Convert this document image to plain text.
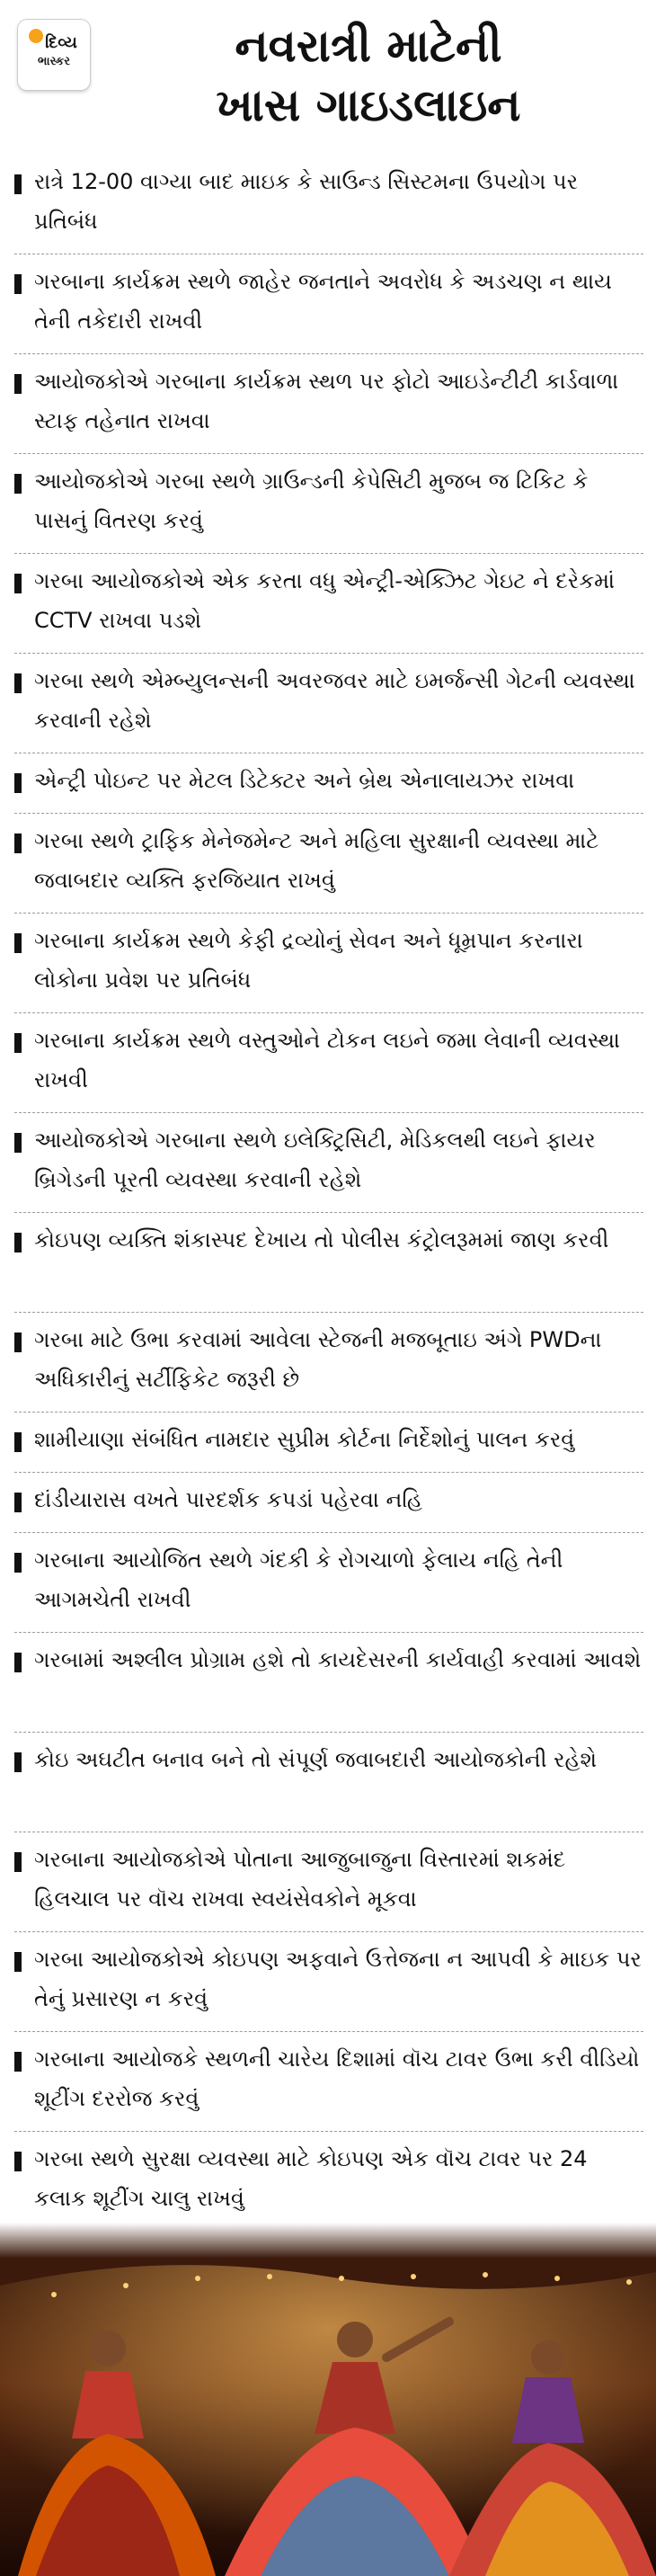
દિવ્ય
ભાસ્કર	નવરાત્રી માટેની
ખાસ ગાઇડલાઇન
રાત્રે 12-00 વાગ્યા બાદ માઇક કે સાઉન્ડ સિસ્ટમના ઉપયોગ પર પ્રતિબંધ
ગરબાના કાર્યક્રમ સ્થળે જાહેર જનતાને અવરોધ કે અડચણ ન થાય તેની તકેદારી રાખવી
આયોજકોએ ગરબાના કાર્યક્રમ સ્થળ પર ફોટો આઇડેન્ટીટી કાર્ડવાળા સ્ટાફ તહેનાત રાખવા
આયોજકોએ ગરબા સ્થળે ગ્રાઉન્ડની કેપેસિટી મુજબ જ ટિકિટ કે પાસનું વિતરણ કરવું
ગરબા આયોજકોએ એક કરતા વધુ એન્ટ્રી-એક્ઝિટ ગેઇટ ને દરેકમાં CCTV રાખવા પડશે
ગરબા સ્થળે એમ્બ્યુલન્સની અવરજવર માટે ઇમર્જન્સી ગેટની વ્યવસ્થા કરવાની રહેશે
એન્ટ્રી પોઇન્ટ પર મેટલ ડિટેક્ટર અને બ્રેથ એનાલાયઝર રાખવા
ગરબા સ્થળે ટ્રાફિક મેનેજમેન્ટ અને મહિલા સુરક્ષાની વ્યવસ્થા માટે જવાબદાર વ્યક્તિ ફરજિયાત રાખવું
ગરબાના કાર્યક્રમ સ્થળે કેફી દ્રવ્યોનું સેવન અને ધૂમ્રપાન કરનારા લોકોના પ્રવેશ પર પ્રતિબંધ
ગરબાના કાર્યક્રમ સ્થળે વસ્તુઓને ટોકન લઇને જમા લેવાની વ્યવસ્થા રાખવી
આયોજકોએ ગરબાના સ્થળે ઇલેક્ટ્રિસિટી, મેડિકલથી લઇને ફાયર બ્રિગેડની પૂરતી વ્યવસ્થા કરવાની રહેશે
કોઇપણ વ્યક્તિ શંકાસ્પદ દેખાય તો પોલીસ કંટ્રોલરૂમમાં જાણ કરવી
ગરબા માટે ઉભા કરવામાં આવેલા સ્ટેજની મજબૂતાઇ અંગે PWDના અધિકારીનું સર્ટીફિકેટ જરૂરી છે
શામીયાણા સંબંધિત નામદાર સુપ્રીમ કોર્ટના નિર્દેશોનું પાલન કરવું
દાંડીયારાસ વખતે પારદર્શક કપડાં પહેરવા નહિ
ગરબાના આયોજિત સ્થળે ગંદકી કે રોગચાળો ફેલાય નહિ તેની આગમચેતી રાખવી
ગરબામાં અશ્લીલ પ્રોગ્રામ હશે તો કાયદેસરની કાર્યવાહી કરવામાં આવશે
કોઇ અઘટીત બનાવ બને તો સંપૂર્ણ જવાબદારી આયોજકોની રહેશે
ગરબાના આયોજકોએ પોતાના આજુબાજુના વિસ્તારમાં શકમંદ હિલચાલ પર વૉચ રાખવા સ્વયંસેવકોને મૂકવા
ગરબા આયોજકોએ કોઇપણ અફવાને ઉત્તેજના ન આપવી કે માઇક પર તેનું પ્રસારણ ન કરવું
ગરબાના આયોજકે સ્થળની ચારેય દિશામાં વૉચ ટાવર ઉભા કરી વીડિયો શૂટીંગ દરરોજ કરવું
ગરબા સ્થળે સુરક્ષા વ્યવસ્થા માટે કોઇપણ એક વૉચ ટાવર પર 24 કલાક શૂટીંગ ચાલુ રાખવું
